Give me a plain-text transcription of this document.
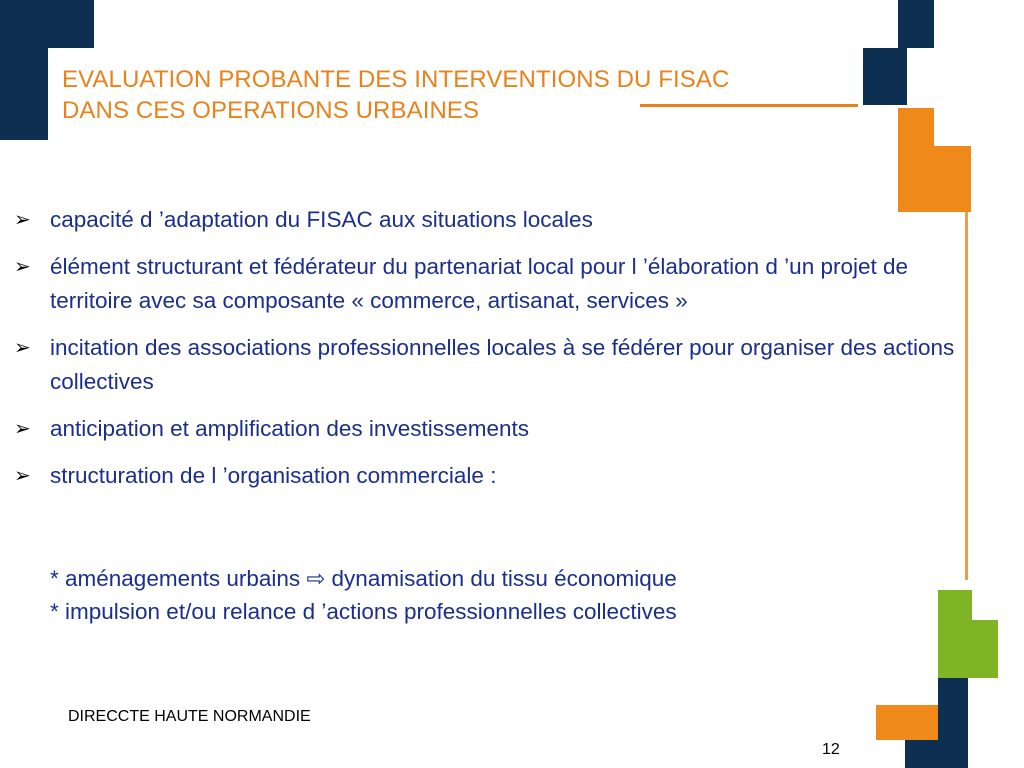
EVALUATION PROBANTE DES INTERVENTIONS DU FISAC
DANS CES OPERATIONS URBAINES
➢ capacité d ’adaptation du FISAC aux situations locales
➢ élément structurant et fédérateur du partenariat local pour l ’élaboration d ’un projet de territoire avec sa composante « commerce, artisanat, services »
➢ incitation des associations professionnelles locales à se fédérer pour organiser des actions collectives
➢ anticipation et amplification des investissements
➢ structuration de l ’organisation commerciale :
* aménagements urbains ⇨ dynamisation du tissu économique
* impulsion et/ou relance d ’actions professionnelles collectives
DIRECCTE HAUTE NORMANDIE
12
